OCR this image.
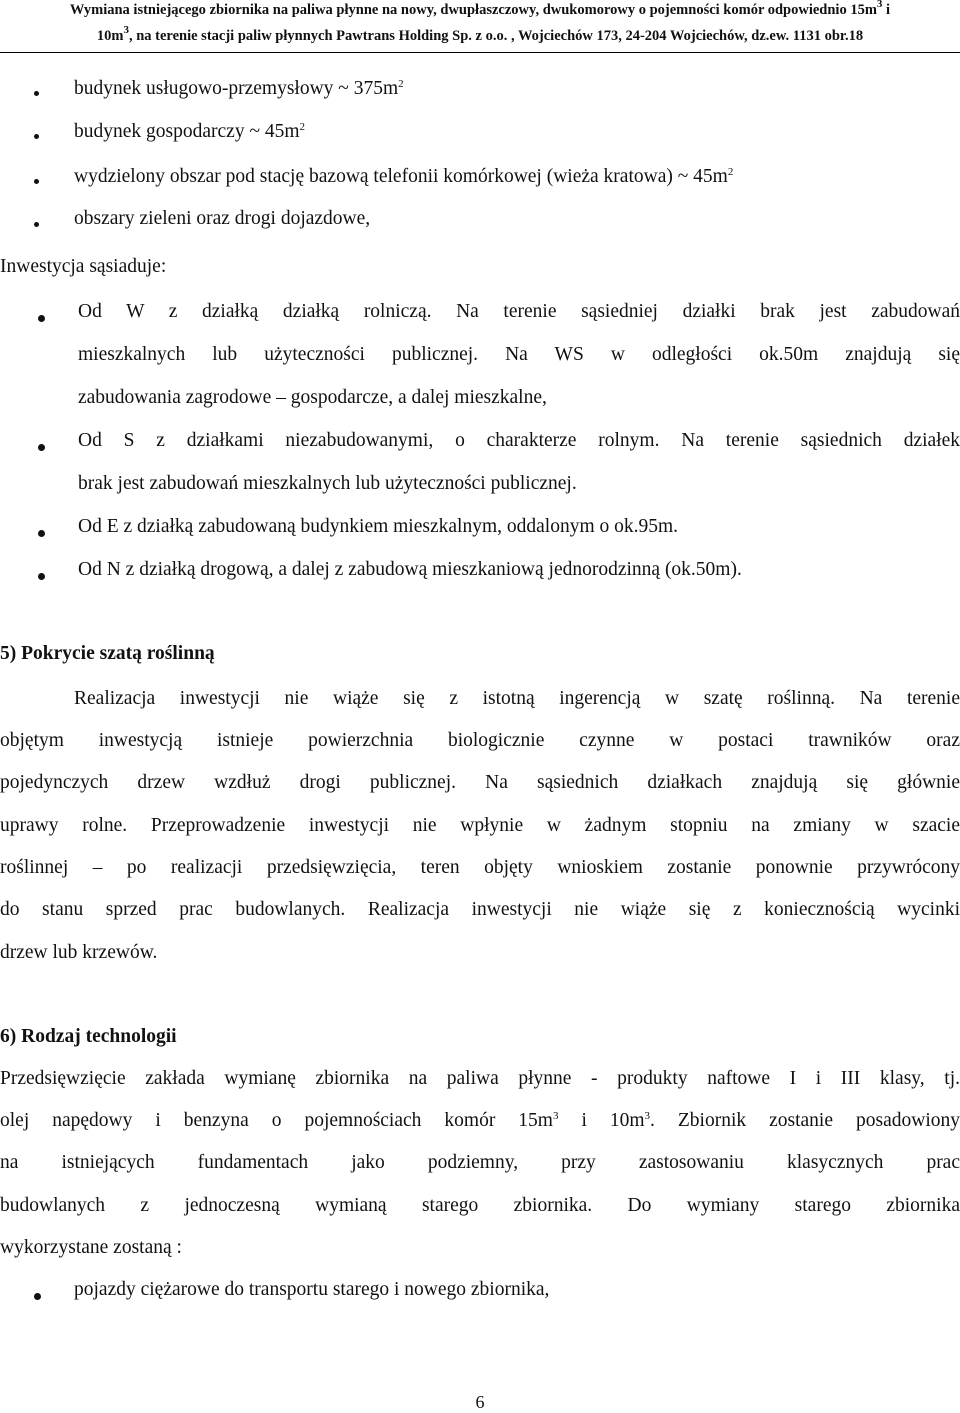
Wymiana istniejącego zbiornika na paliwa płynne na nowy, dwupłaszczowy, dwukomorowy o pojemności komór odpowiednio $15m^3$ i
$10m^3$, na terenie stacji paliw płynnych Pawtrans Holding Sp. z o.o. , Wojciechów 173, 24-204 Wojciechów, dz.ew. 1131 obr.18
budynek usługowo-przemysłowy ~ $375m^2$
budynek gospodarczy ~ $45m^2$
wydzielony obszar pod stację bazową telefonii komórkowej (wieża kratowa) ~ $45m^2$
obszary zieleni oraz drogi dojazdowe,
Inwestycja sąsiaduje:
Od W z działką działką rolniczą. Na terenie sąsiedniej działki brak jest zabudowań
mieszkalnych lub użyteczności publicznej. Na WS w odległości ok.50m znajdują się
zabudowania zagrodowe – gospodarcze, a dalej mieszkalne,
Od S z działkami niezabudowanymi, o charakterze rolnym. Na terenie sąsiednich działek
brak jest zabudowań mieszkalnych lub użyteczności publicznej.
Od E z działką zabudowaną budynkiem mieszkalnym, oddalonym o ok.95m.
Od N z działką drogową, a dalej z zabudową mieszkaniową jednorodzinną (ok.50m).
5) Pokrycie szatą roślinną
Realizacja inwestycji nie wiąże się z istotną ingerencją w szatę roślinną. Na terenie
objętym inwestycją istnieje powierzchnia biologicznie czynne w postaci trawników oraz
pojedynczych drzew wzdłuż drogi publicznej. Na sąsiednich działkach znajdują się głównie
uprawy rolne. Przeprowadzenie inwestycji nie wpłynie w żadnym stopniu na zmiany w szacie
roślinnej – po realizacji przedsięwzięcia, teren objęty wnioskiem zostanie ponownie przywrócony
do stanu sprzed prac budowlanych. Realizacja inwestycji nie wiąże się z koniecznością wycinki
drzew lub krzewów.
6) Rodzaj technologii
Przedsięwzięcie zakłada wymianę zbiornika na paliwa płynne - produkty naftowe I i III klasy, tj.
olej napędowy i benzyna o pojemnościach komór $15m^3$ i $10m^3$. Zbiornik zostanie posadowiony
na istniejących fundamentach jako podziemny, przy zastosowaniu klasycznych prac
budowlanych z jednoczesną wymianą starego zbiornika. Do wymiany starego zbiornika
wykorzystane zostaną :
pojazdy ciężarowe do transportu starego i nowego zbiornika,
6
